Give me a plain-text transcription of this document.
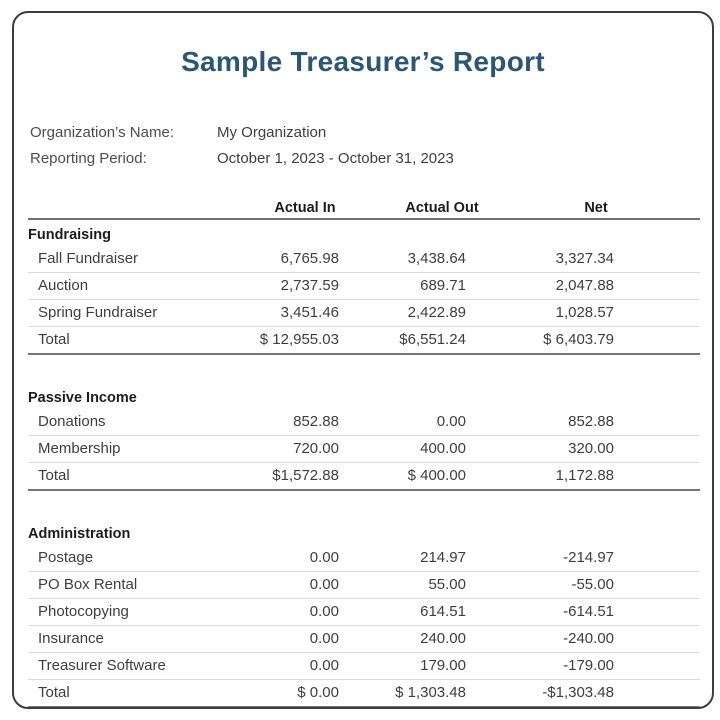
Sample Treasurer’s Report
Organization’s Name:	My Organization
Reporting Period:	October 1, 2023 - October 31, 2023
Actual In	Actual Out	Net
Fundraising
Fall Fundraiser	6,765.98	3,438.64	3,327.34
Auction	2,737.59	689.71	2,047.88
Spring Fundraiser	3,451.46	2,422.89	1,028.57
Total	$ 12,955.03	$6,551.24	$ 6,403.79
Passive Income
Donations	852.88	0.00	852.88
Membership	720.00	400.00	320.00
Total	$1,572.88	$ 400.00	1,172.88
Administration
Postage	0.00	214.97	-214.97
PO Box Rental	0.00	55.00	-55.00
Photocopying	0.00	614.51	-614.51
Insurance	0.00	240.00	-240.00
Treasurer Software	0.00	179.00	-179.00
Total	$ 0.00	$ 1,303.48	-$1,303.48
